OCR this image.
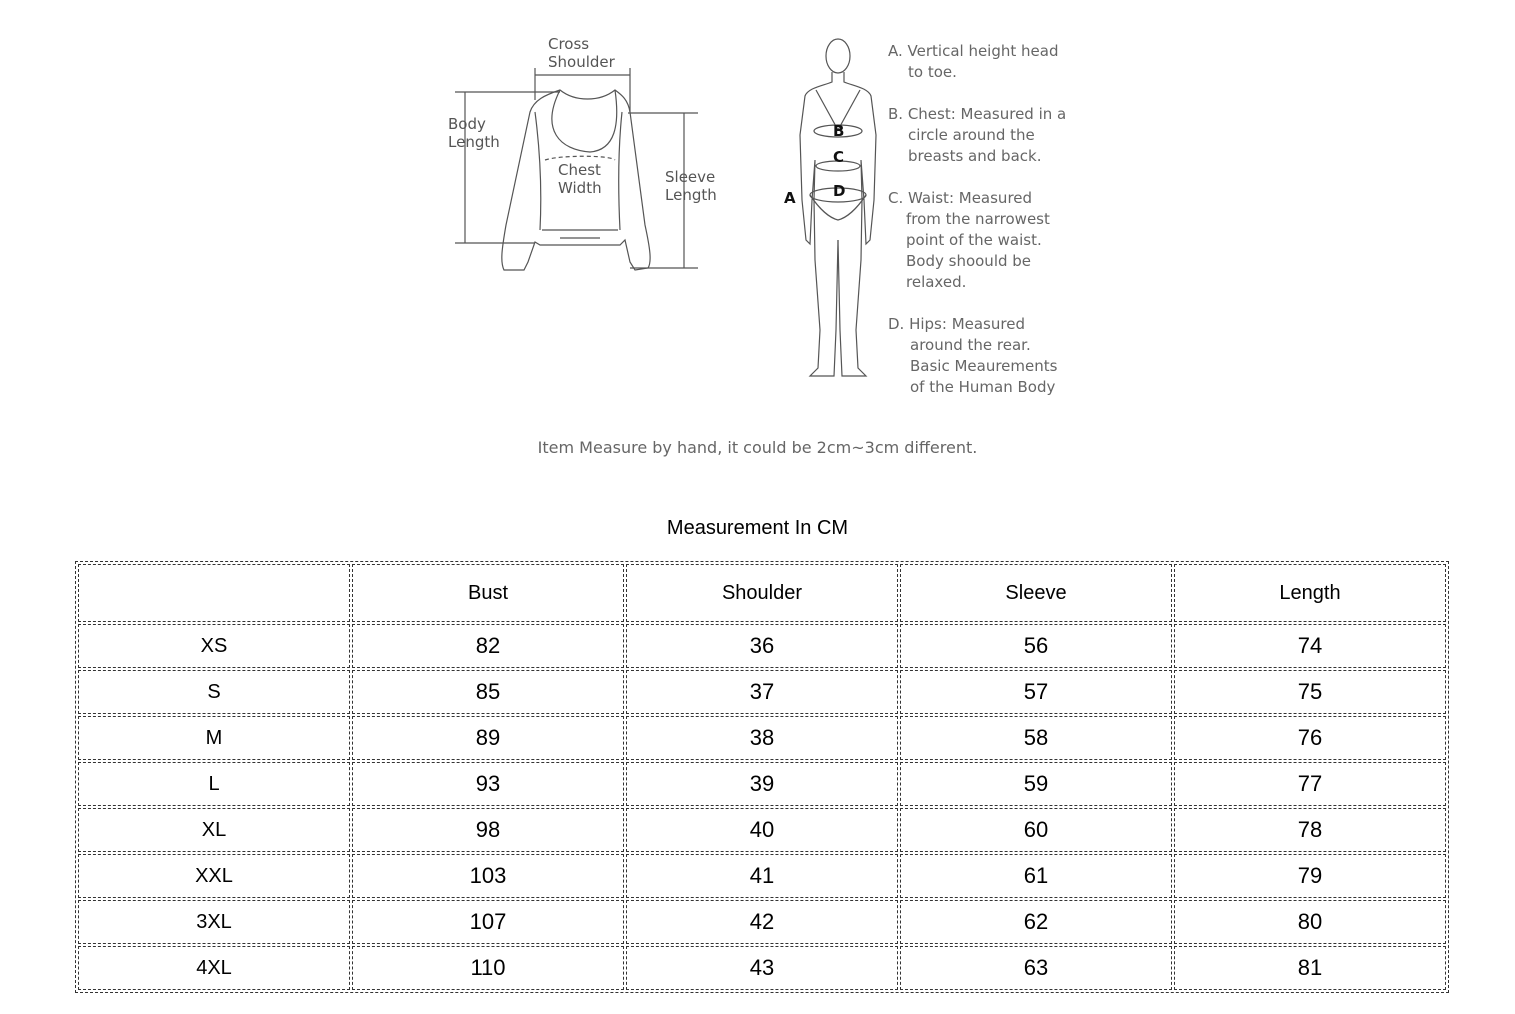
Cross
Shoulder
Body
Length
Chest
Width
Sleeve
Length	A
B
C
D
A. Vertical height head
to toe.
B. Chest: Measured in a
circle around the
breasts and back.
C. Waist: Measured
from the narrowest
point of the waist.
Body shoould be
relaxed.
D. Hips: Measured
around the rear.
Basic Meaurements
of the Human Body
Item Measure by hand, it could be 2cm~3cm different.
Measurement In CM
	Bust	Shoulder	Sleeve	Length
XS	82	36	56	74
S	85	37	57	75
M	89	38	58	76
L	93	39	59	77
XL	98	40	60	78
XXL	103	41	61	79
3XL	107	42	62	80
4XL	110	43	63	81
